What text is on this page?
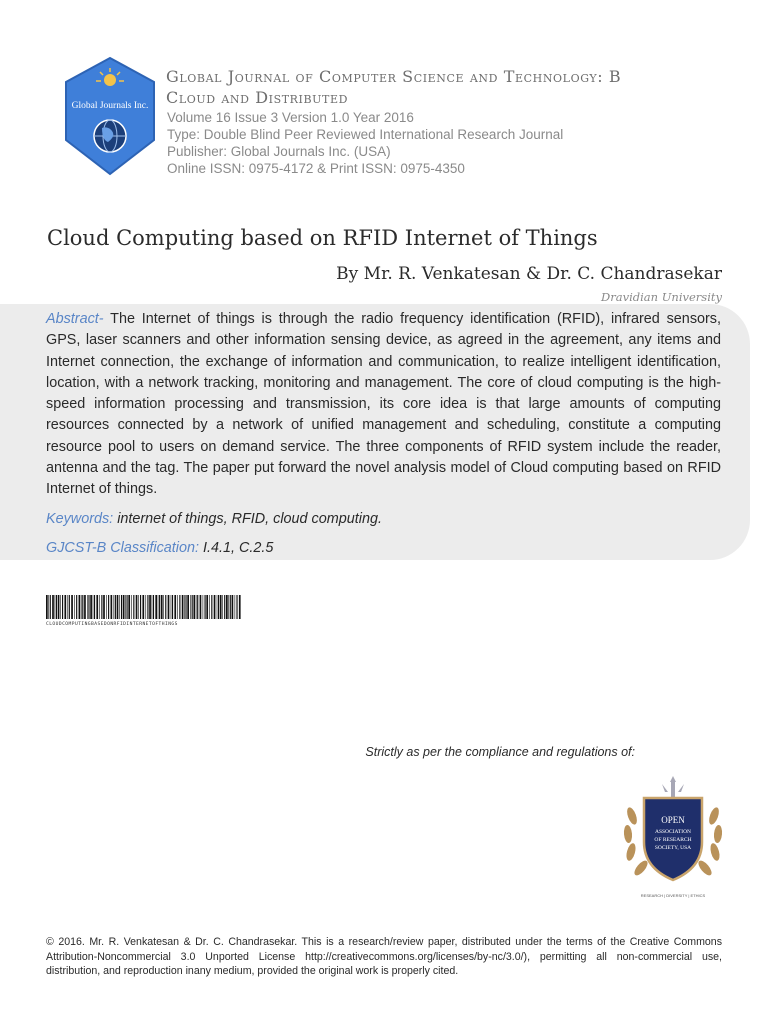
Global Journals Inc.
Global Journal of Computer Science and Technology: B
Cloud and Distributed
Volume 16 Issue 3 Version 1.0 Year 2016
Type: Double Blind Peer Reviewed International Research Journal
Publisher: Global Journals Inc. (USA)
Online ISSN: 0975-4172 & Print ISSN: 0975-4350
Cloud Computing based on RFID Internet of Things
By Mr. R. Venkatesan & Dr. C. Chandrasekar
Dravidian University
Abstract- The Internet of things is through the radio frequency identification (RFID), infrared sensors, GPS, laser scanners and other information sensing device, as agreed in the agreement, any items and Internet connection, the exchange of information and communication, to realize intelligent identification, location, with a network tracking, monitoring and management. The core of cloud computing is the high-speed information processing and transmission, its core idea is that large amounts of computing resources connected by a network of unified management and scheduling, constitute a computing resource pool to users on demand service. The three components of RFID system include the reader, antenna and the tag. The paper put forward the novel analysis model of Cloud computing based on RFID Internet of things.
Keywords: internet of things, RFID, cloud computing.
GJCST-B Classification: I.4.1, C.2.5
CLOUDCOMPUTINGBASEDONRFIDINTERNETOFTHINGS
Strictly as per the compliance and regulations of:
OPEN
ASSOCIATION
OF RESEARCH
SOCIETY, USA
RESEARCH | DIVERSITY | ETHICS
© 2016. Mr. R. Venkatesan & Dr. C. Chandrasekar. This is a research/review paper, distributed under the terms of the Creative Commons Attribution-Noncommercial 3.0 Unported License http://creativecommons.org/licenses/by-nc/3.0/), permitting all non-commercial use, distribution, and reproduction inany medium, provided the original work is properly cited.
